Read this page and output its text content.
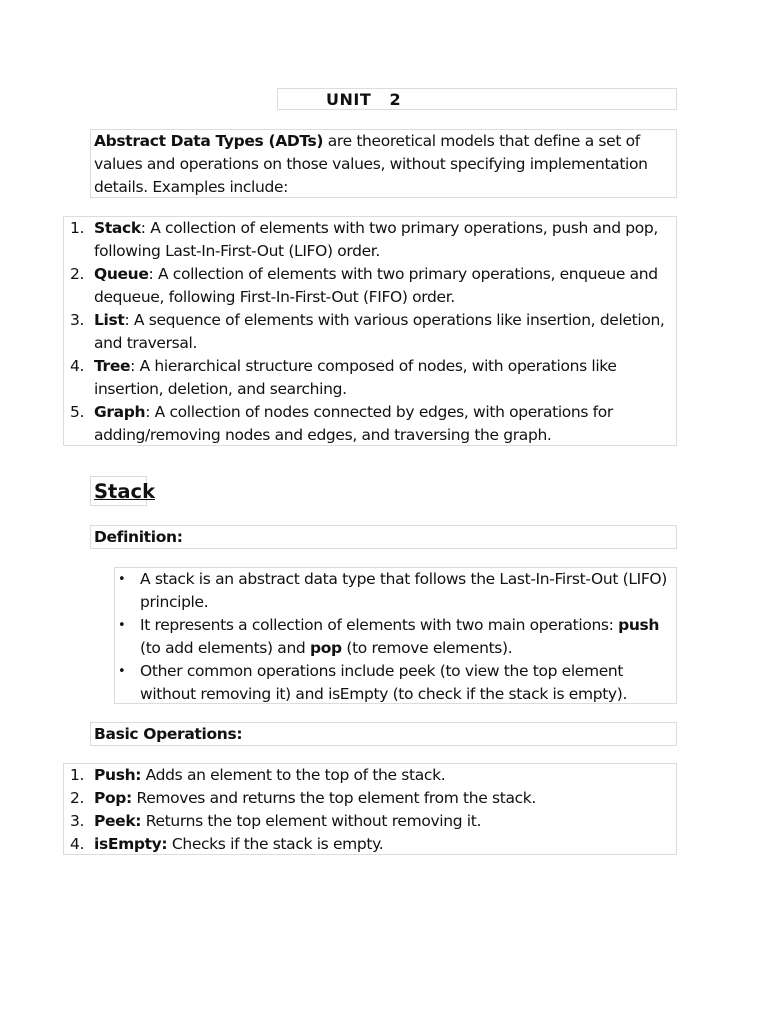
UNIT   2
Abstract Data Types (ADTs) are theoretical models that define a set of values and operations on those values, without specifying implementation details. Examples include:
1. Stack: A collection of elements with two primary operations, push and pop, following Last-In-First-Out (LIFO) order.
2. Queue: A collection of elements with two primary operations, enqueue and dequeue, following First-In-First-Out (FIFO) order.
3. List: A sequence of elements with various operations like insertion, deletion, and traversal.
4. Tree: A hierarchical structure composed of nodes, with operations like insertion, deletion, and searching.
5. Graph: A collection of nodes connected by edges, with operations for adding/removing nodes and edges, and traversing the graph.
Stack
Definition:
• A stack is an abstract data type that follows the Last-In-First-Out (LIFO) principle.
• It represents a collection of elements with two main operations: push (to add elements) and pop (to remove elements).
• Other common operations include peek (to view the top element without removing it) and isEmpty (to check if the stack is empty).
Basic Operations:
1. Push: Adds an element to the top of the stack.
2. Pop: Removes and returns the top element from the stack.
3. Peek: Returns the top element without removing it.
4. isEmpty: Checks if the stack is empty.
